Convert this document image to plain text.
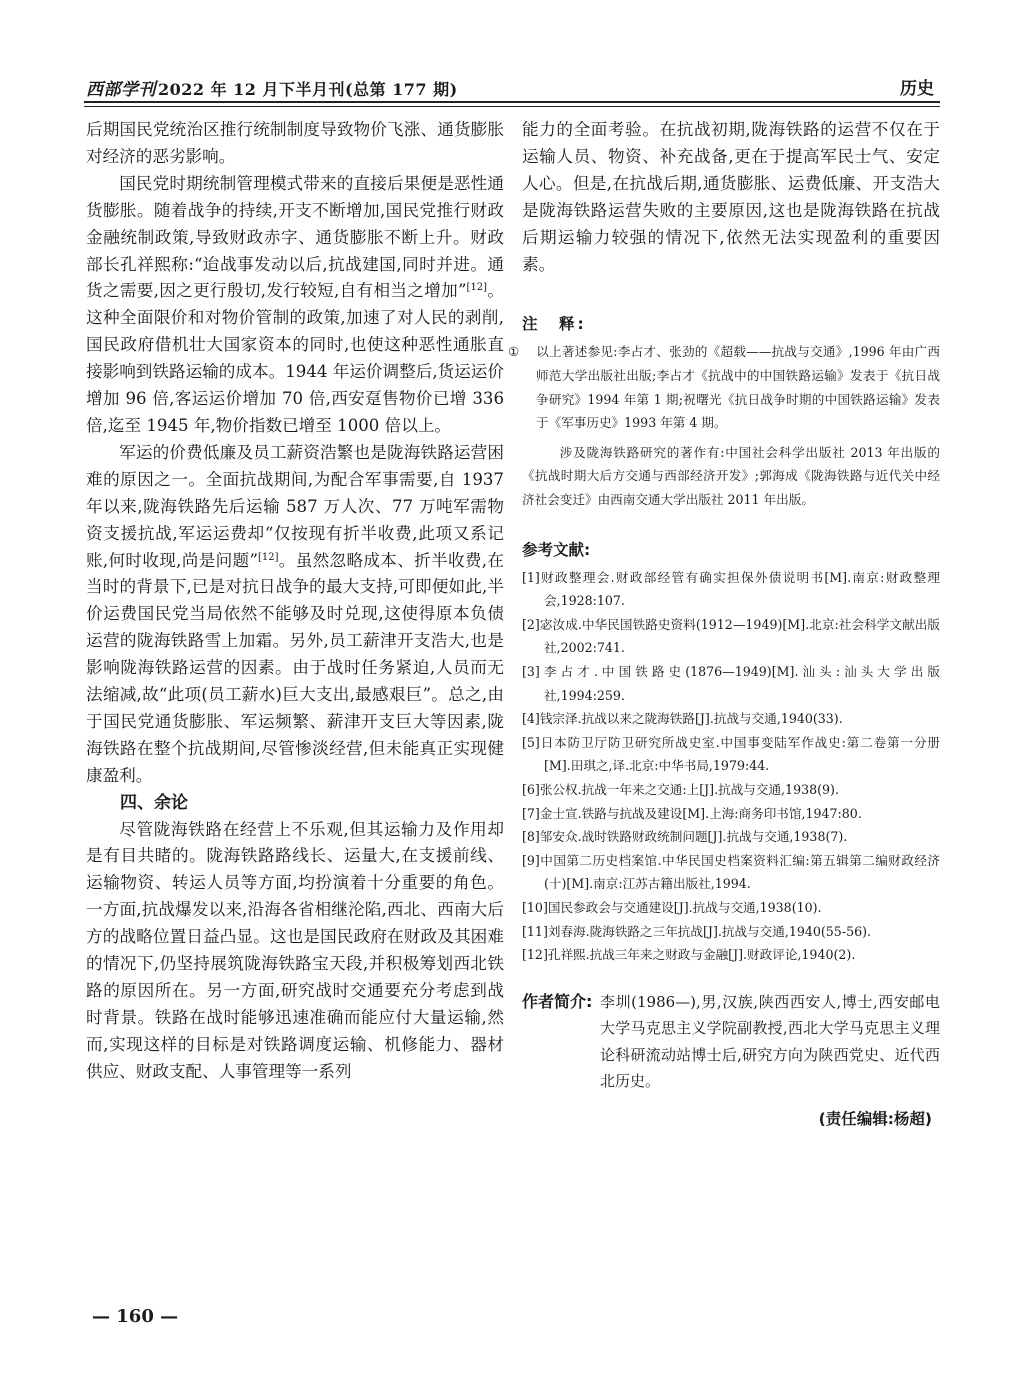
西部学刊 2022 年 12 月下半月刊(总第 177 期)	历史

后期国民党统治区推行统制制度导致物价飞涨、通货膨胀对经济的恶劣影响。

国民党时期统制管理模式带来的直接后果便是恶性通货膨胀。随着战争的持续,开支不断增加,国民党推行财政金融统制政策,导致财政赤字、通货膨胀不断上升。财政部长孔祥熙称:“迨战事发动以后,抗战建国,同时并进。通货之需要,因之更行殷切,发行较短,自有相当之增加”[12]。这种全面限价和对物价管制的政策,加速了对人民的剥削,国民政府借机壮大国家资本的同时,也使这种恶性通胀直接影响到铁路运输的成本。1944 年运价调整后,货运运价增加 96 倍,客运运价增加 70 倍,西安趸售物价已增 336 倍,迄至 1945 年,物价指数已增至 1000 倍以上。

军运的价费低廉及员工薪资浩繁也是陇海铁路运营困难的原因之一。全面抗战期间,为配合军事需要,自 1937 年以来,陇海铁路先后运输 587 万人次、77 万吨军需物资支援抗战,军运运费却“仅按现有折半收费,此项又系记账,何时收现,尚是问题”[12]。虽然忽略成本、折半收费,在当时的背景下,已是对抗日战争的最大支持,可即便如此,半价运费国民党当局依然不能够及时兑现,这使得原本负债运营的陇海铁路雪上加霜。另外,员工薪津开支浩大,也是影响陇海铁路运营的因素。由于战时任务紧迫,人员而无法缩减,故“此项(员工薪水)巨大支出,最感艰巨”。总之,由于国民党通货膨胀、军运频繁、薪津开支巨大等因素,陇海铁路在整个抗战期间,尽管惨淡经营,但未能真正实现健康盈利。

四、余论

尽管陇海铁路在经营上不乐观,但其运输力及作用却是有目共睹的。陇海铁路路线长、运量大,在支援前线、运输物资、转运人员等方面,均扮演着十分重要的角色。一方面,抗战爆发以来,沿海各省相继沦陷,西北、西南大后方的战略位置日益凸显。这也是国民政府在财政及其困难的情况下,仍坚持展筑陇海铁路宝天段,并积极筹划西北铁路的原因所在。另一方面,研究战时交通要充分考虑到战时背景。铁路在战时能够迅速准确而能应付大量运输,然而,实现这样的目标是对铁路调度运输、机修能力、器材供应、财政支配、人事管理等一系列

能力的全面考验。在抗战初期,陇海铁路的运营不仅在于运输人员、物资、补充战备,更在于提高军民士气、安定人心。但是,在抗战后期,通货膨胀、运费低廉、开支浩大是陇海铁路运营失败的主要原因,这也是陇海铁路在抗战后期运输力较强的情况下,依然无法实现盈利的重要因素。

注　释:

① 以上著述参见:李占才、张劲的《超载——抗战与交通》,1996 年由广西师范大学出版社出版;李占才《抗战中的中国铁路运输》发表于《抗日战争研究》1994 年第 1 期;祝曙光《抗日战争时期的中国铁路运输》发表于《军事历史》1993 年第 4 期。

涉及陇海铁路研究的著作有:中国社会科学出版社 2013 年出版的《抗战时期大后方交通与西部经济开发》;郭海成《陇海铁路与近代关中经济社会变迁》由西南交通大学出版社 2011 年出版。

参考文献:
[1]财政整理会.财政部经管有确实担保外债说明书[M].南京:财政整理会,1928:107.
[2]宓汝成.中华民国铁路史资料(1912—1949)[M].北京:社会科学文献出版社,2002:741.
[3]李占才.中国铁路史(1876—1949)[M].汕头:汕头大学出版社,1994:259.
[4]钱宗泽.抗战以来之陇海铁路[J].抗战与交通,1940(33).
[5]日本防卫厅防卫研究所战史室.中国事变陆军作战史:第二卷第一分册[M].田琪之,译.北京:中华书局,1979:44.
[6]张公权.抗战一年来之交通:上[J].抗战与交通,1938(9).
[7]金士宣.铁路与抗战及建设[M].上海:商务印书馆,1947:80.
[8]邹安众.战时铁路财政统制问题[J].抗战与交通,1938(7).
[9]中国第二历史档案馆.中华民国史档案资料汇编:第五辑第二编财政经济(十)[M].南京:江苏古籍出版社,1994.
[10]国民参政会与交通建设[J].抗战与交通,1938(10).
[11]刘春海.陇海铁路之三年抗战[J].抗战与交通,1940(55-56).
[12]孔祥熙.抗战三年来之财政与金融[J].财政评论,1940(2).
作者简介: 李圳(1986—),男,汉族,陕西西安人,博士,西安邮电大学马克思主义学院副教授,西北大学马克思主义理论科研流动站博士后,研究方向为陕西党史、近代西北历史。

(责任编辑:杨超)
— 160 —
